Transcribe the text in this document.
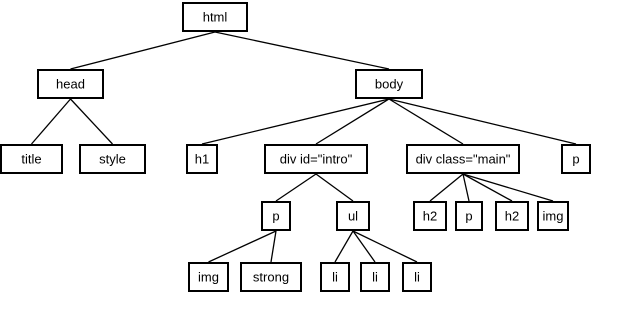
html
head	body
title	style	h1	div id="intro"	div class="main"	p
p	ul	h2 p h2 img
img	strong	li	li	li
